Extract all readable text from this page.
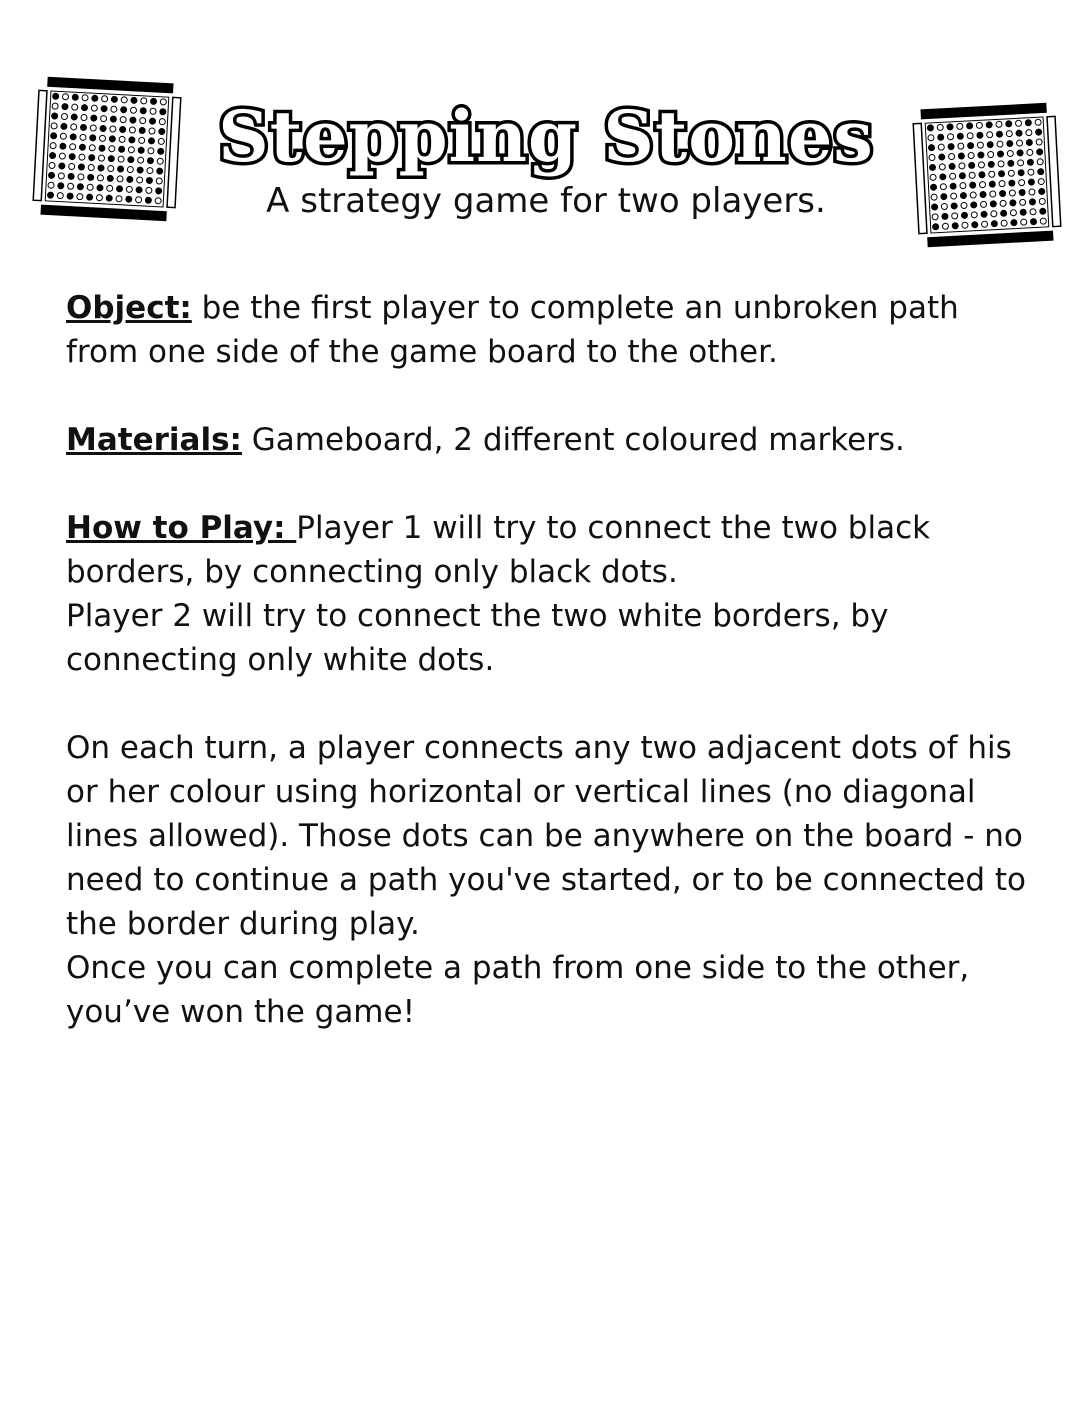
Stepping Stones
A strategy game for two players.

Object: be the first player to complete an unbroken path from one side of the game board to the other.

Materials: Gameboard, 2 different coloured markers.

How to Play: Player 1 will try to connect the two black borders, by connecting only black dots.

Player 2 will try to connect the two white borders, by connecting only white dots.

On each turn, a player connects any two adjacent dots of his or her colour using horizontal or vertical lines (no diagonal lines allowed). Those dots can be anywhere on the board - no need to continue a path you've started, or to be connected to the border during play.

Once you can complete a path from one side to the other, you’ve won the game!
